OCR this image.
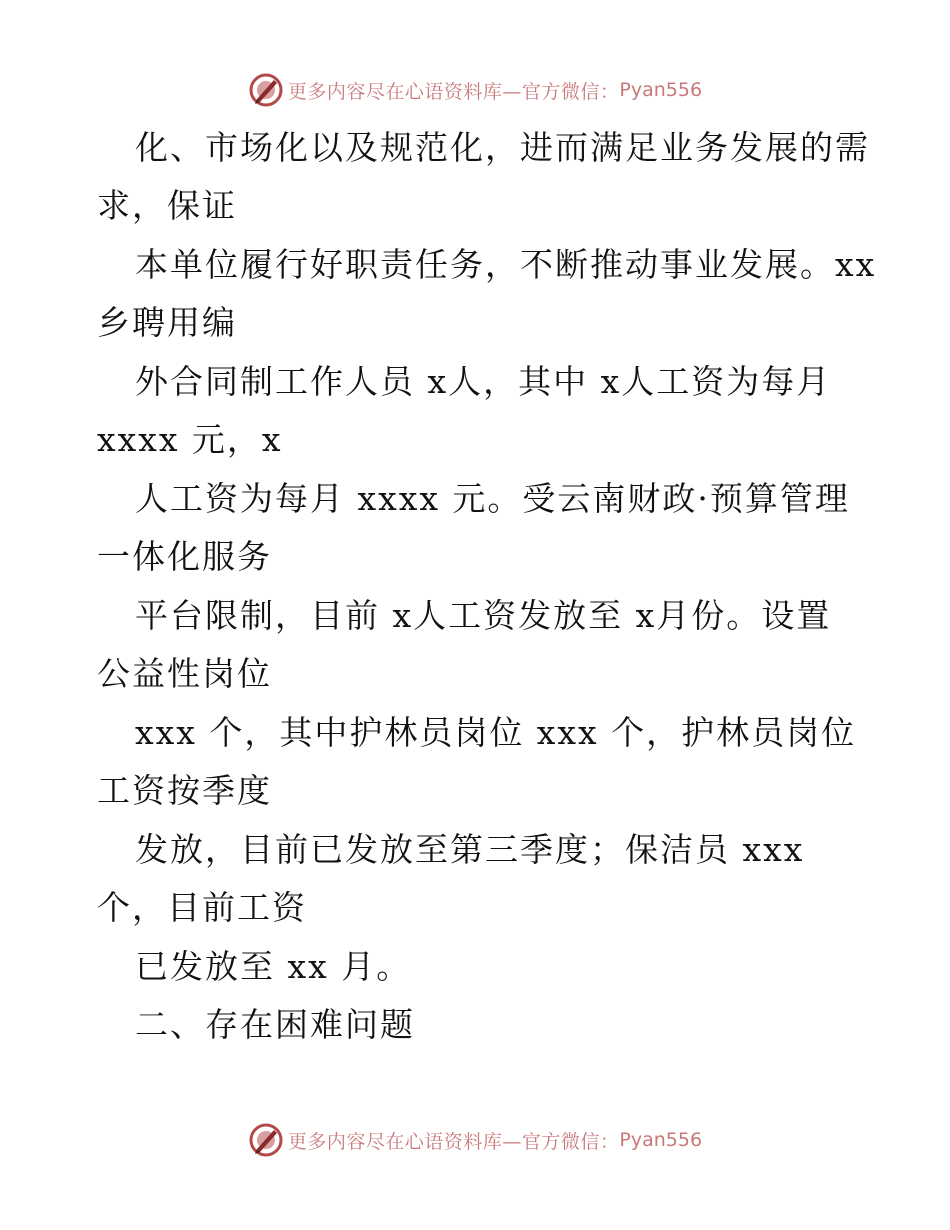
更多内容尽在心语资料库—官方微信： Pyan556
化、市场化以及规范化，进而满足业务发展的需
求，保证
本单位履行好职责任务，不断推动事业发展。xx
乡聘用编
外合同制工作人员 x人，其中 x人工资为每月
xxxx 元，x
人工资为每月 xxxx 元。受云南财政·预算管理
一体化服务
平台限制，目前 x人工资发放至 x月份。设置
公益性岗位
xxx 个，其中护林员岗位 xxx 个，护林员岗位
工资按季度
发放，目前已发放至第三季度；保洁员 xxx
个，目前工资
已发放至 xx 月。
二、存在困难问题
更多内容尽在心语资料库—官方微信： Pyan556
